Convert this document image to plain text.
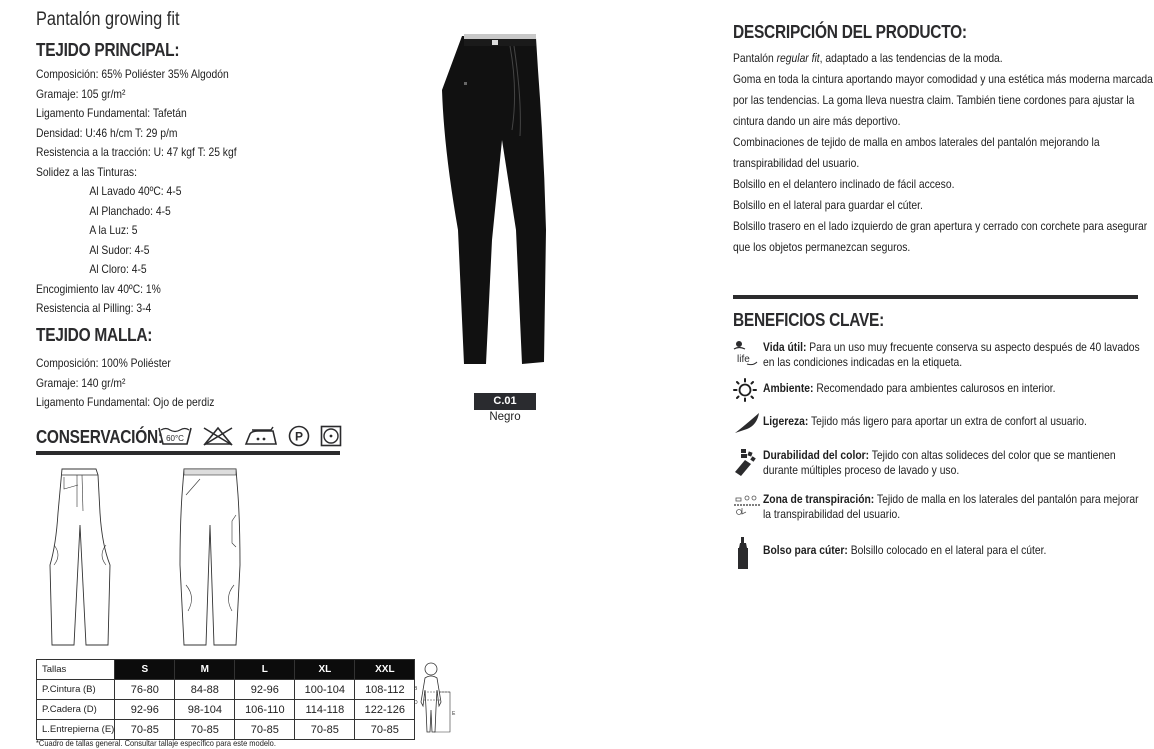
Pantalón growing fit
TEJIDO PRINCIPAL:
Composición: 65% Poliéster 35% Algodón
Gramaje: 105 gr/m²
Ligamento Fundamental: Tafetán
Densidad: U:46 h/cm T: 29 p/m
Resistencia a la tracción: U: 47 kgf T: 25 kgf
Solidez a las Tinturas:
Al Lavado 40ºC: 4-5
Al Planchado: 4-5
A la Luz: 5
Al Sudor: 4-5
Al Cloro: 4-5
Encogimiento lav 40ºC: 1%
Resistencia al Pilling: 3-4
TEJIDO MALLA:
Composición: 100% Poliéster
Gramaje: 140 gr/m²
Ligamento Fundamental: Ojo de perdiz
CONSERVACIÓN: 60°C	P
Tallas	S	M	L	XL	XXL
P.Cintura (B)	76-80	84-88	92-96	100-104	108-112
P.Cadera (D)	92-96	98-104	106-110	114-118	122-126
L.Entrepierna (E)	70-85	70-85	70-85	70-85	70-85
B
D
E
*Cuadro de tallas general. Consultar tallaje específico para este modelo.
C.01
Negro
DESCRIPCIÓN DEL PRODUCTO:
Pantalón regular fit, adaptado a las tendencias de la moda.
Goma en toda la cintura aportando mayor comodidad y una estética más moderna marcada
por las tendencias. La goma lleva nuestra claim. También tiene cordones para ajustar la
cintura dando un aire más deportivo.
Combinaciones de tejido de malla en ambos laterales del pantalón mejorando la
transpirabilidad del usuario.
Bolsillo en el delantero inclinado de fácil acceso.
Bolsillo en el lateral para guardar el cúter.
Bolsillo trasero en el lado izquierdo de gran apertura y cerrado con corchete para asegurar
que los objetos permanezcan seguros.
BENEFICIOS CLAVE:
life
Vida útil: Para un uso muy frecuente conserva su aspecto después de 40 lavados
en las condiciones indicadas en la etiqueta.
Ambiente: Recomendado para ambientes calurosos en interior.
Ligereza: Tejido más ligero para aportar un extra de confort al usuario.
Durabilidad del color: Tejido con altas solideces del color que se mantienen
durante múltiples proceso de lavado y uso.
Zona de transpiración: Tejido de malla en los laterales del pantalón para mejorar
la transpirabilidad del usuario.
Bolso para cúter: Bolsillo colocado en el lateral para el cúter.
